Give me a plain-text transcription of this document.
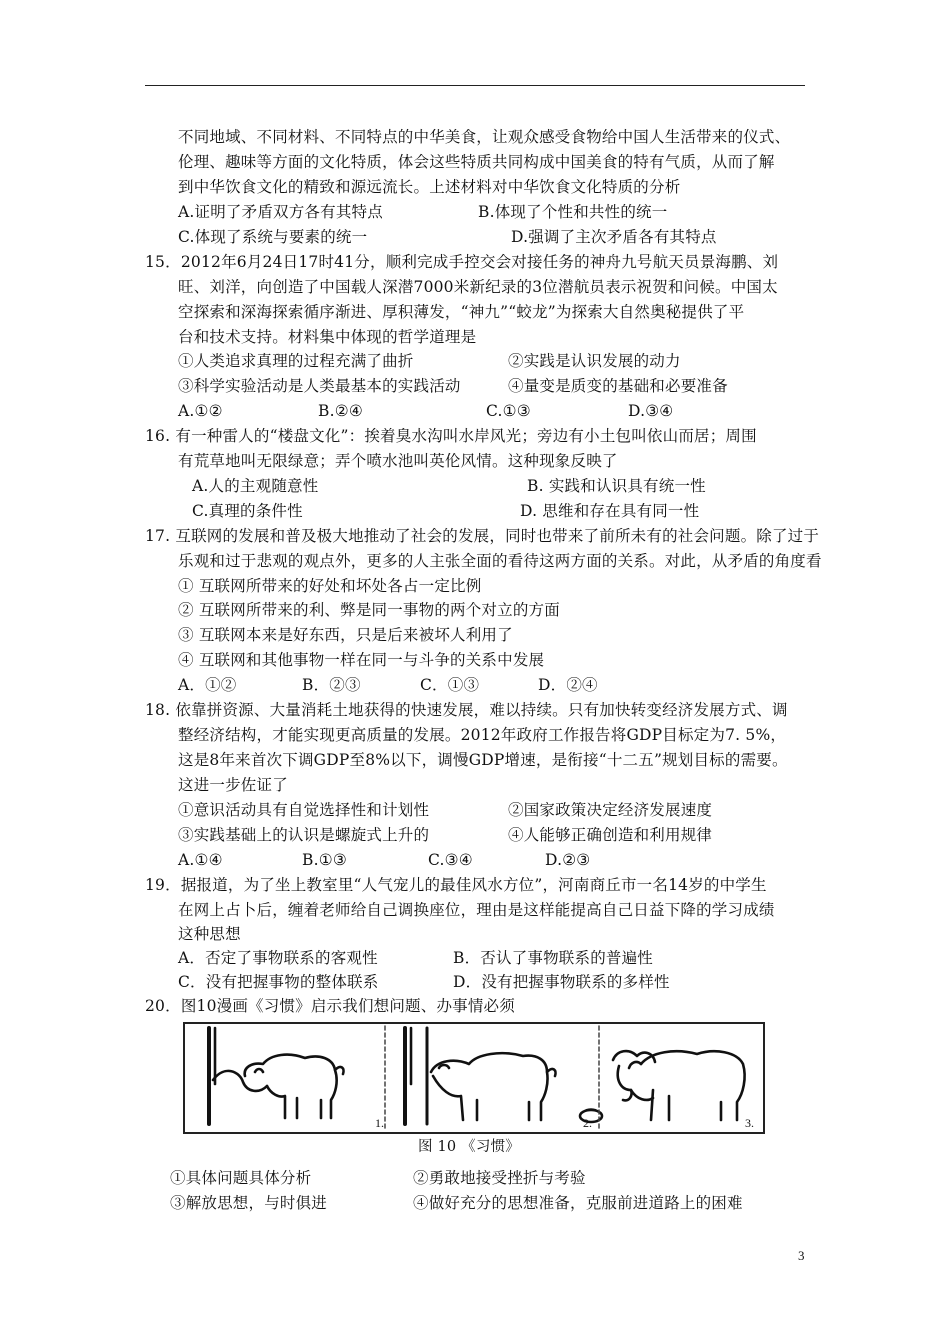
不同地域、不同材料、不同特点的中华美食，让观众感受食物给中国人生活带来的仪式、
伦理、趣味等方面的文化特质，体会这些特质共同构成中国美食的特有气质，从而了解
到中华饮食文化的精致和源远流长。上述材料对中华饮食文化特质的分析
A.证明了矛盾双方各有其特点	B.体现了个性和共性的统一
C.体现了系统与要素的统一	D.强调了主次矛盾各有其特点
15．2012年6月24日17时41分，顺利完成手控交会对接任务的神舟九号航天员景海鹏、刘
旺、刘洋，向创造了中国载人深潜7000米新纪录的3位潜航员表示祝贺和问候。中国太
空探索和深海探索循序渐进、厚积薄发，“神九”“蛟龙”为探索大自然奥秘提供了平
台和技术支持。材料集中体现的哲学道理是
①人类追求真理的过程充满了曲折	②实践是认识发展的动力
③科学实验活动是人类最基本的实践活动	④量变是质变的基础和必要准备
A.①②	B.②④	C.①③	D.③④
16. 有一种雷人的“楼盘文化”：挨着臭水沟叫水岸风光；旁边有小土包叫依山而居；周围
有荒草地叫无限绿意；弄个喷水池叫英伦风情。这种现象反映了
A.人的主观随意性	B. 实践和认识具有统一性
C.真理的条件性	D. 思维和存在具有同一性
17. 互联网的发展和普及极大地推动了社会的发展，同时也带来了前所未有的社会问题。除了过于
乐观和过于悲观的观点外，更多的人主张全面的看待这两方面的关系。对此，从矛盾的角度看
① 互联网所带来的好处和坏处各占一定比例
② 互联网所带来的利、弊是同一事物的两个对立的方面
③ 互联网本来是好东西，只是后来被坏人利用了
④ 互联网和其他事物一样在同一与斗争的关系中发展
A．①②	B．②③	C．①③	D．②④
18. 依靠拼资源、大量消耗土地获得的快速发展，难以持续。只有加快转变经济发展方式、调
整经济结构，才能实现更高质量的发展。2012年政府工作报告将GDP目标定为7. 5%，
这是8年来首次下调GDP至8%以下，调慢GDP增速，是衔接“十二五”规划目标的需要。
这进一步佐证了
①意识活动具有自觉选择性和计划性	②国家政策决定经济发展速度
③实践基础上的认识是螺旋式上升的	④人能够正确创造和利用规律
A.①④	B.①③	C.③④	D.②③
19．据报道，为了坐上教室里“人气宠儿的最佳风水方位”，河南商丘市一名14岁的中学生
在网上占卜后，缠着老师给自己调换座位，理由是这样能提高自己日益下降的学习成绩
这种思想
A．否定了事物联系的客观性	B．否认了事物联系的普遍性
C．没有把握事物的整体联系	D．没有把握事物联系的多样性
20．图10漫画《习惯》启示我们想问题、办事情必须
1.	2.	3.
图 10 《习惯》
①具体问题具体分析	②勇敢地接受挫折与考验
③解放思想，与时俱进	④做好充分的思想准备，克服前进道路上的困难
3
